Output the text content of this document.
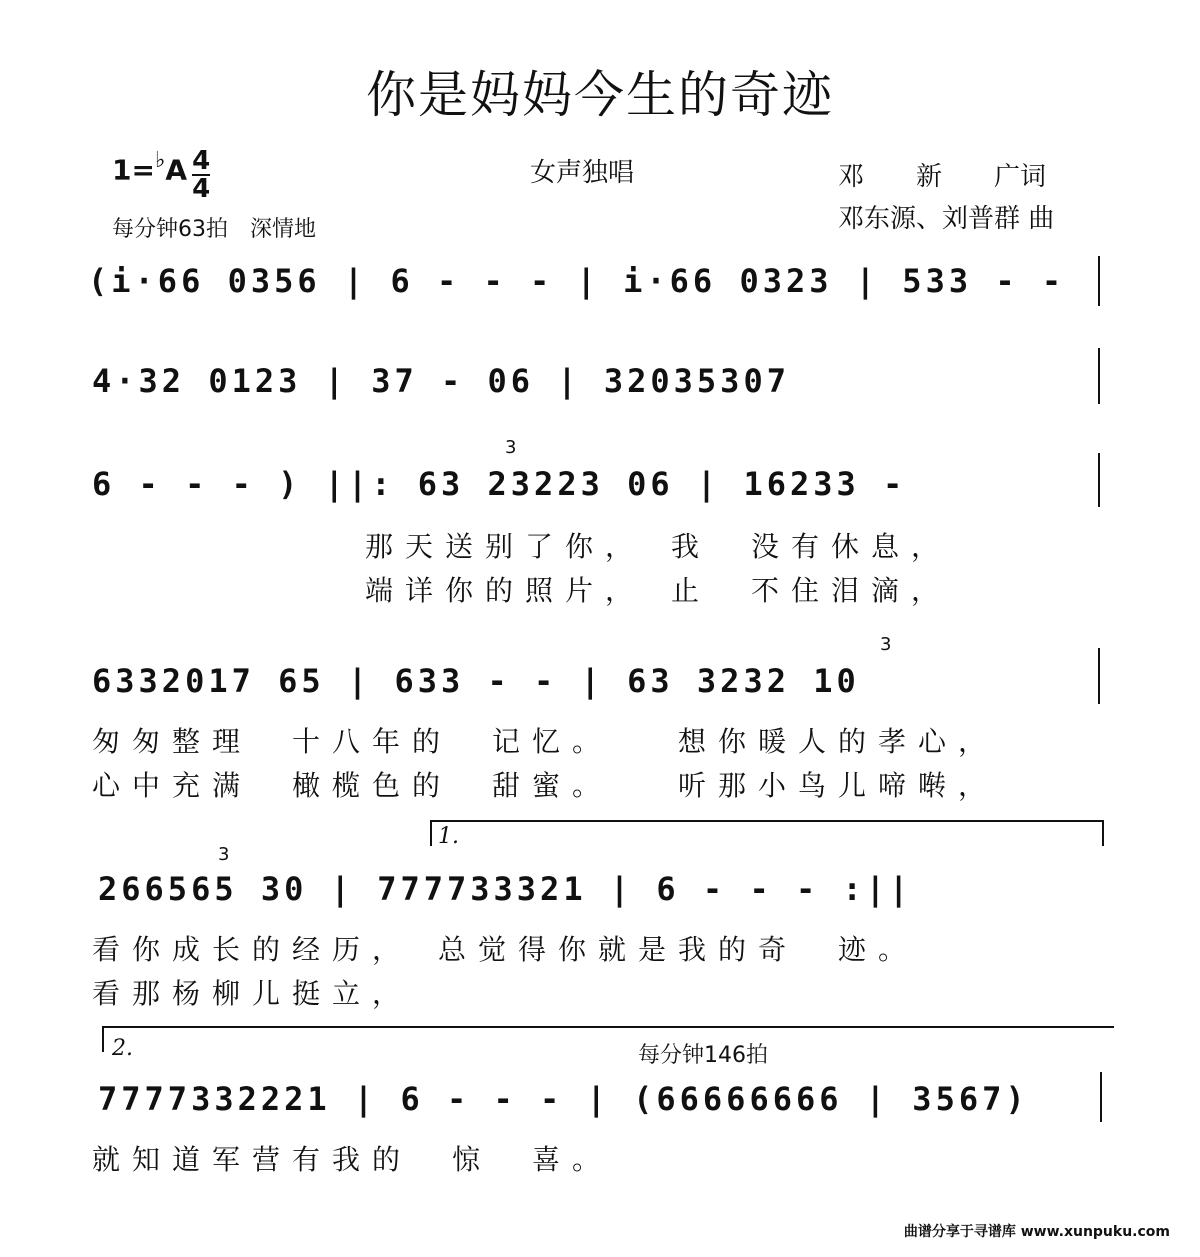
你是妈妈今生的奇迹
1=♭A $\frac{4}{4}$	女声独唱	邓　　新　　广词
邓东源、刘普群 曲
每分钟63拍　深情地
(i·66 0356 | 6 - - - | i·66 0323 | 533 - -
4·32 0123 | 37 - 06 | 32035307
3
6 - - - ) ||: 63 23223 06 | 16233 -
那天送别了你，　我　没有休息，
端详你的照片，　止　不住泪滴，
3
6332017 65 | 633 - - | 63 3232 10
匆匆整理　十八年的　记忆。　　想你暖人的孝心，
心中充满　橄榄色的　甜蜜。　　听那小鸟儿啼啭，
1.
3
266565 30 | 777733321 | 6 - - - :||
看你成长的经历，　总觉得你就是我的奇　迹。
看那杨柳儿挺立，
2.	每分钟146拍
7777332221 | 6 - - - | (66666666 | 3567)
就知道军营有我的　惊　喜。
曲谱分享于寻谱库 www.xunpuku.com
